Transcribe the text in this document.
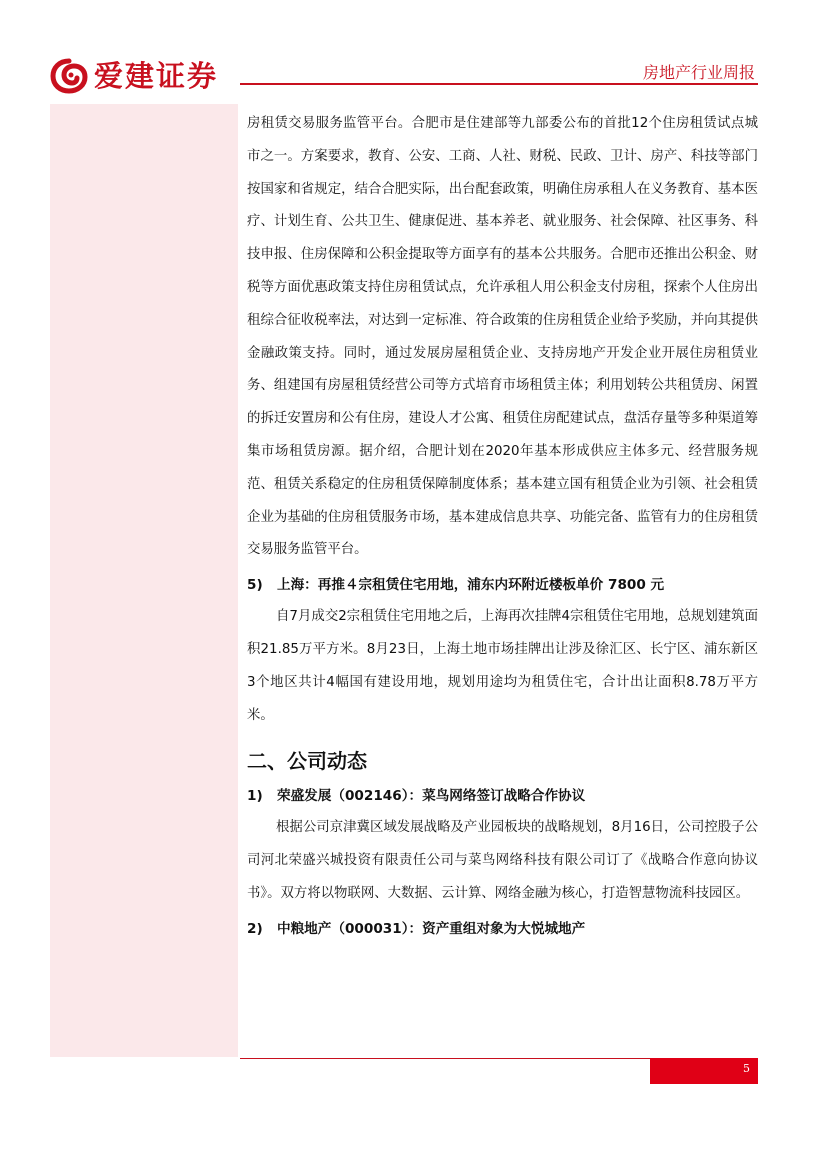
爱建证券	房地产行业周报

房租赁交易服务监管平台。合肥市是住建部等九部委公布的首批12个住房租赁试点城市之一。方案要求，教育、公安、工商、人社、财税、民政、卫计、房产、科技等部门按国家和省规定，结合合肥实际，出台配套政策，明确住房承租人在义务教育、基本医疗、计划生育、公共卫生、健康促进、基本养老、就业服务、社会保障、社区事务、科技申报、住房保障和公积金提取等方面享有的基本公共服务。合肥市还推出公积金、财税等方面优惠政策支持住房租赁试点，允许承租人用公积金支付房租，探索个人住房出租综合征收税率法，对达到一定标准、符合政策的住房租赁企业给予奖励，并向其提供金融政策支持。同时，通过发展房屋租赁企业、支持房地产开发企业开展住房租赁业务、组建国有房屋租赁经营公司等方式培育市场租赁主体；利用划转公共租赁房、闲置的拆迁安置房和公有住房，建设人才公寓、租赁住房配建试点，盘活存量等多种渠道筹集市场租赁房源。据介绍，合肥计划在2020年基本形成供应主体多元、经营服务规范、租赁关系稳定的住房租赁保障制度体系；基本建立国有租赁企业为引领、社会租赁企业为基础的住房租赁服务市场，基本建成信息共享、功能完备、监管有力的住房租赁交易服务监管平台。

5)	上海：再推４宗租赁住宅用地，浦东内环附近楼板单价 7800 元

自7月成交2宗租赁住宅用地之后，上海再次挂牌4宗租赁住宅用地，总规划建筑面积21.85万平方米。8月23日，上海土地市场挂牌出让涉及徐汇区、长宁区、浦东新区3个地区共计4幅国有建设用地，规划用途均为租赁住宅，合计出让面积8.78万平方米。

二、公司动态
1)	荣盛发展（002146）：菜鸟网络签订战略合作协议

根据公司京津冀区域发展战略及产业园板块的战略规划，8月16日，公司控股子公司河北荣盛兴城投资有限责任公司与菜鸟网络科技有限公司订了《战略合作意向协议书》。双方将以物联网、大数据、云计算、网络金融为核心，打造智慧物流科技园区。

2)	中粮地产（000031）：资产重组对象为大悦城地产
5
